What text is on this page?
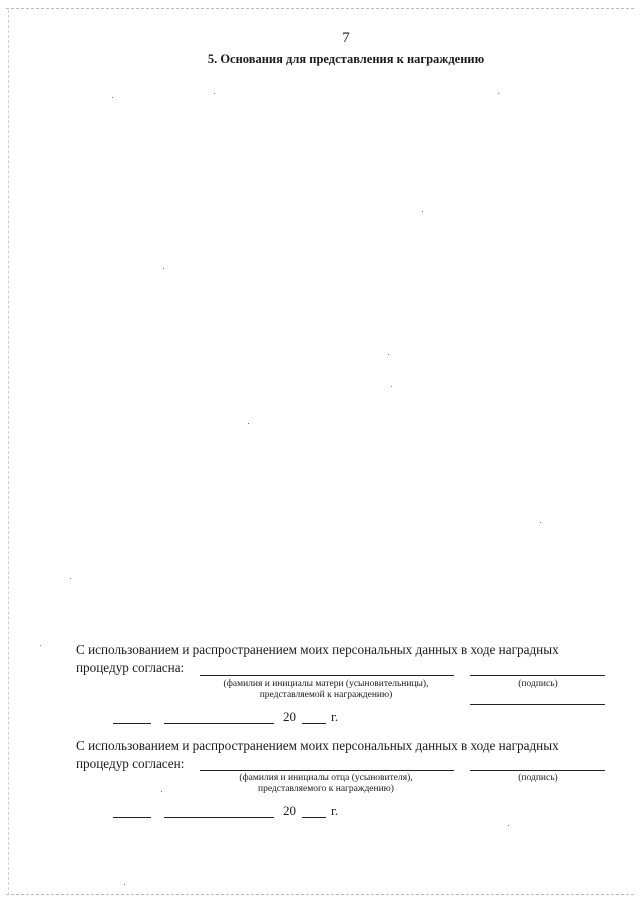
7
5. Основания для представления к награждению
С использованием и распространением моих персональных данных в ходе наградных
процедур согласна:
(фамилия и инициалы матери (усыновительницы),
представляемой к награждению)
(подпись)
20	г.
С использованием и распространением моих персональных данных в ходе наградных
процедур согласен:
(фамилия и инициалы отца (усыновителя),
представляемого к награждению)
(подпись)
20	г.
